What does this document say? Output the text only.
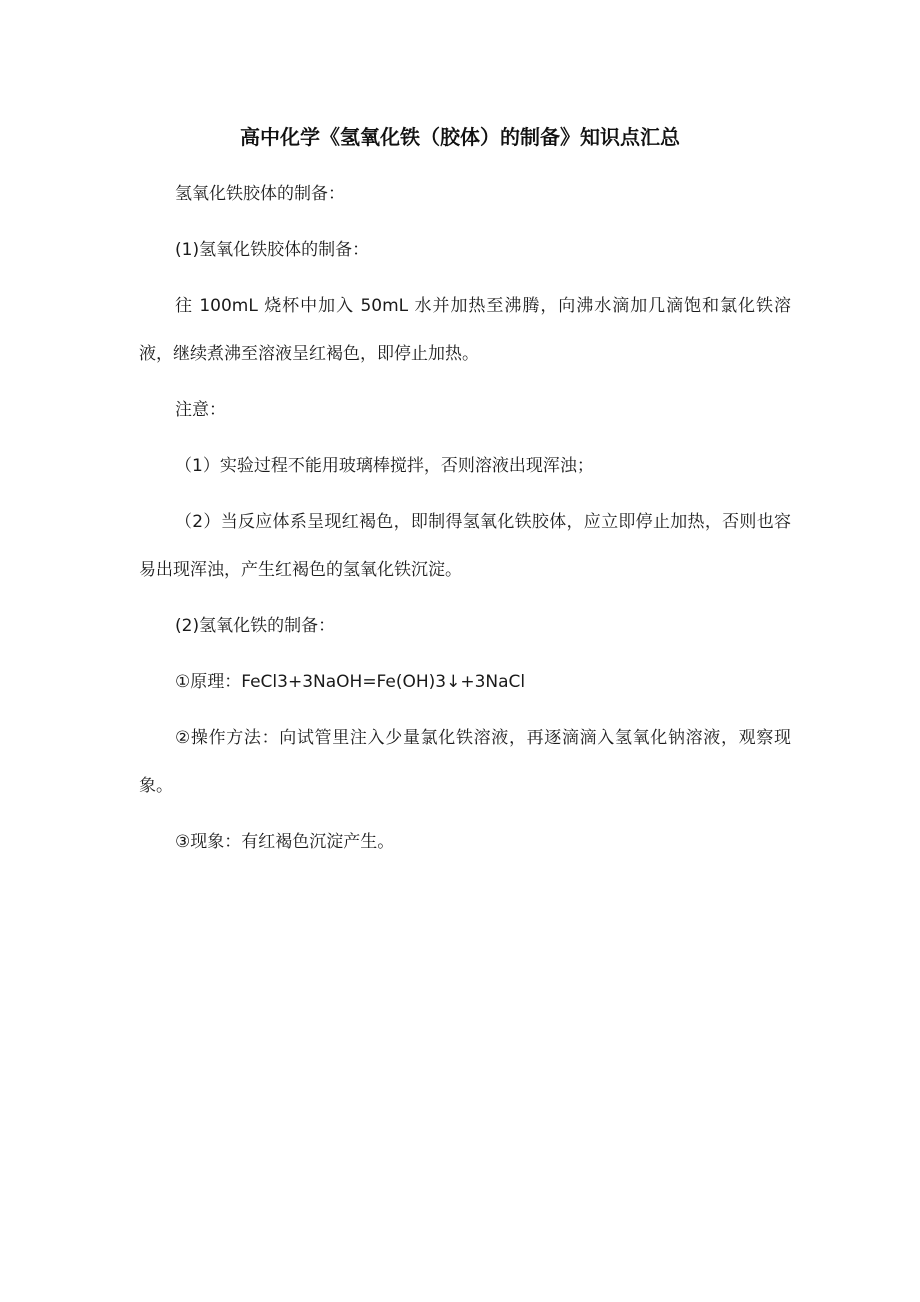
高中化学《氢氧化铁（胶体）的制备》知识点汇总

氢氧化铁胶体的制备：

(1)氢氧化铁胶体的制备：

往 100mL 烧杯中加入 50mL 水并加热至沸腾，向沸水滴加几滴饱和氯化铁溶液，继续煮沸至溶液呈红褐色，即停止加热。

注意：

（1）实验过程不能用玻璃棒搅拌，否则溶液出现浑浊；

（2）当反应体系呈现红褐色，即制得氢氧化铁胶体，应立即停止加热，否则也容易出现浑浊，产生红褐色的氢氧化铁沉淀。

(2)氢氧化铁的制备：

①原理：FeCl3+3NaOH=Fe(OH)3↓+3NaCl

②操作方法：向试管里注入少量氯化铁溶液，再逐滴滴入氢氧化钠溶液，观察现象。

③现象：有红褐色沉淀产生。
